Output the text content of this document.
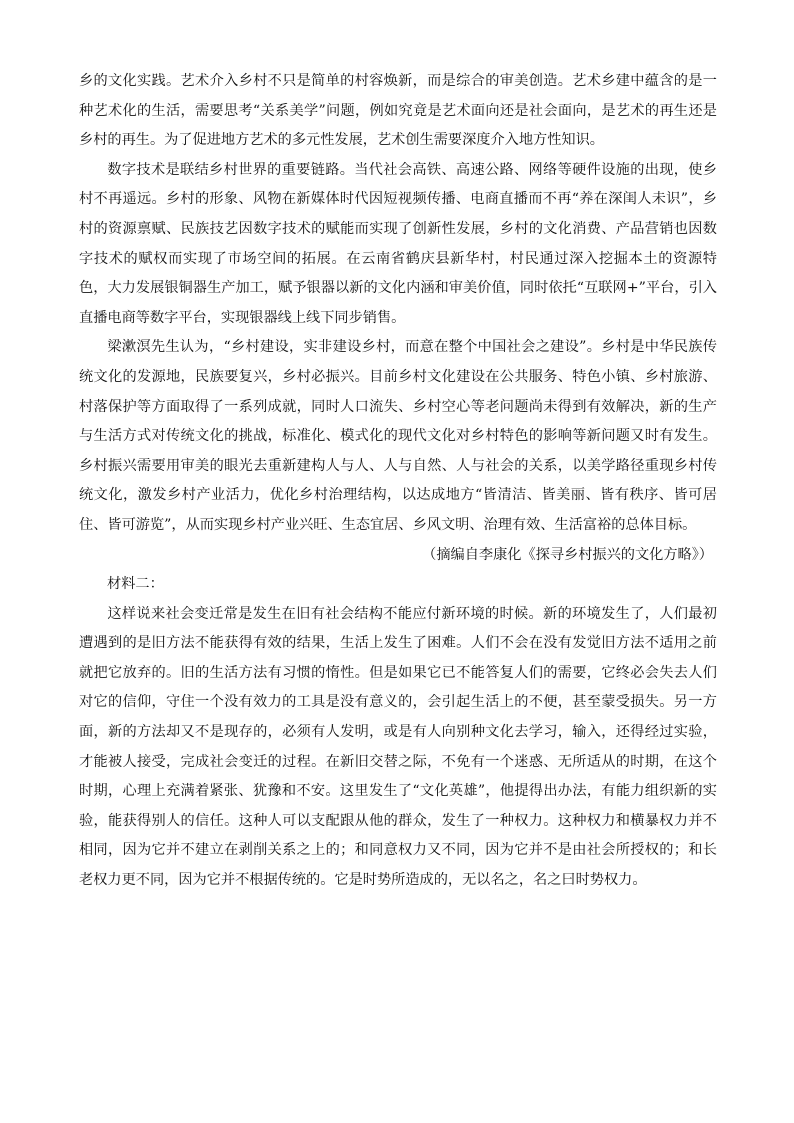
乡的文化实践。艺术介入乡村不只是简单的村容焕新，而是综合的审美创造。艺术乡建中蕴含的是一种艺术化的生活，需要思考“关系美学”问题，例如究竟是艺术面向还是社会面向，是艺术的再生还是乡村的再生。为了促进地方艺术的多元性发展，艺术创生需要深度介入地方性知识。

数字技术是联结乡村世界的重要链路。当代社会高铁、高速公路、网络等硬件设施的出现，使乡村不再遥远。乡村的形象、风物在新媒体时代因短视频传播、电商直播而不再“养在深闺人未识”，乡村的资源禀赋、民族技艺因数字技术的赋能而实现了创新性发展，乡村的文化消费、产品营销也因数字技术的赋权而实现了市场空间的拓展。在云南省鹤庆县新华村，村民通过深入挖掘本土的资源特色，大力发展银铜器生产加工，赋予银器以新的文化内涵和审美价值，同时依托“互联网+”平台，引入直播电商等数字平台，实现银器线上线下同步销售。

梁漱溟先生认为，“乡村建设，实非建设乡村，而意在整个中国社会之建设”。乡村是中华民族传统文化的发源地，民族要复兴，乡村必振兴。目前乡村文化建设在公共服务、特色小镇、乡村旅游、村落保护等方面取得了一系列成就，同时人口流失、乡村空心等老问题尚未得到有效解决，新的生产与生活方式对传统文化的挑战，标准化、模式化的现代文化对乡村特色的影响等新问题又时有发生。乡村振兴需要用审美的眼光去重新建构人与人、人与自然、人与社会的关系，以美学路径重现乡村传统文化，激发乡村产业活力，优化乡村治理结构，以达成地方“皆清洁、皆美丽、皆有秩序、皆可居住、皆可游览”，从而实现乡村产业兴旺、生态宜居、乡风文明、治理有效、生活富裕的总体目标。

（摘编自李康化《探寻乡村振兴的文化方略》）

材料二：

这样说来社会变迁常是发生在旧有社会结构不能应付新环境的时候。新的环境发生了，人们最初遭遇到的是旧方法不能获得有效的结果，生活上发生了困难。人们不会在没有发觉旧方法不适用之前就把它放弃的。旧的生活方法有习惯的惰性。但是如果它已不能答复人们的需要，它终必会失去人们对它的信仰，守住一个没有效力的工具是没有意义的，会引起生活上的不便，甚至蒙受损失。另一方面，新的方法却又不是现存的，必须有人发明，或是有人向别种文化去学习，输入，还得经过实验，才能被人接受，完成社会变迁的过程。在新旧交替之际，不免有一个迷惑、无所适从的时期，在这个时期，心理上充满着紧张、犹豫和不安。这里发生了“文化英雄”，他提得出办法，有能力组织新的实验，能获得别人的信任。这种人可以支配跟从他的群众，发生了一种权力。这种权力和横暴权力并不相同，因为它并不建立在剥削关系之上的；和同意权力又不同，因为它并不是由社会所授权的；和长老权力更不同，因为它并不根据传统的。它是时势所造成的，无以名之，名之曰时势权力。
